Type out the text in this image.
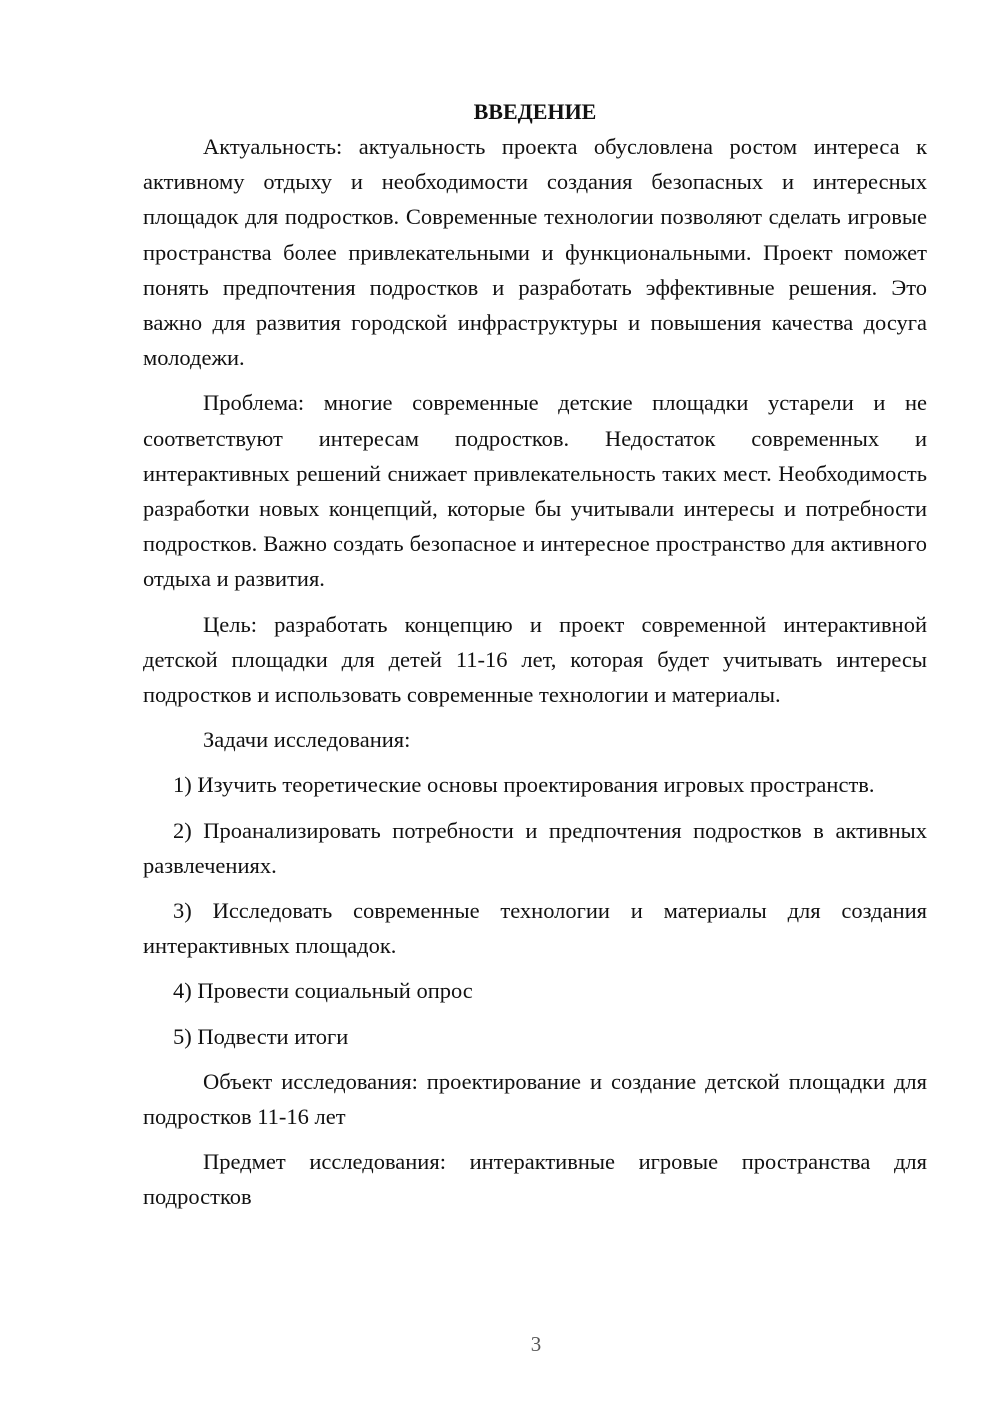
ВВЕДЕНИЕ

Актуальность: актуальность проекта обусловлена ростом интереса к активному отдыху и необходимости создания безопасных и интересных площадок для подростков. Современные технологии позволяют сделать игровые пространства более привлекательными и функциональными. Проект поможет понять предпочтения подростков и разработать эффективные решения. Это важно для развития городской инфраструктуры и повышения качества досуга молодежи.

Проблема: многие современные детские площадки устарели и не соответствуют интересам подростков. Недостаток современных и интерактивных решений снижает привлекательность таких мест. Необходимость разработки новых концепций, которые бы учитывали интересы и потребности подростков. Важно создать безопасное и интересное пространство для активного отдыха и развития.

Цель: разработать концепцию и проект современной интерактивной детской площадки для детей 11-16 лет, которая будет учитывать интересы подростков и использовать современные технологии и материалы.

Задачи исследования:

1) Изучить теоретические основы проектирования игровых пространств.

2) Проанализировать потребности и предпочтения подростков в активных развлечениях.

3) Исследовать современные технологии и материалы для создания интерактивных площадок.

4) Провести социальный опрос

5) Подвести итоги

Объект исследования: проектирование и создание детской площадки для подростков 11-16 лет

Предмет исследования: интерактивные игровые пространства для подростков

3
